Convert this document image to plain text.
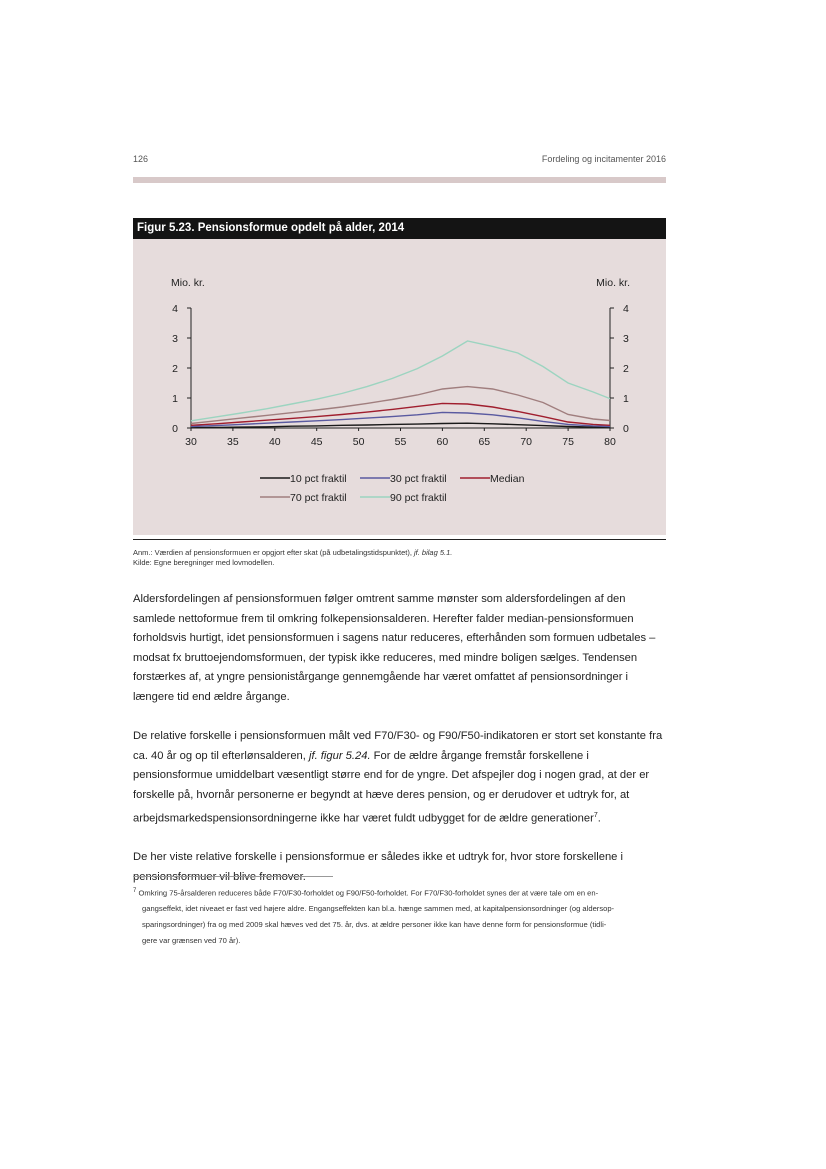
126	Fordeling og incitamenter 2016
Figur 5.23. Pensionsformue opdelt på alder, 2014
Mio. kr.	Mio. kr.
0	0
1	1
2	2
3	3
4	4
30	35	40	45	50	55	60	65	70	75	80
10 pct fraktil	30 pct fraktil	Median
70 pct fraktil	90 pct fraktil
Anm.: Værdien af pensionsformuen er opgjort efter skat (på udbetalingstidspunktet), jf. bilag 5.1.
Kilde: Egne beregninger med lovmodellen.

Aldersfordelingen af pensionsformuen følger omtrent samme mønster som aldersfordelingen af den samlede nettoformue frem til omkring folkepensionsalderen. Herefter falder median-pensionsformuen forholdsvis hurtigt, idet pensionsformuen i sagens natur reduceres, efterhånden som formuen udbetales – modsat fx bruttoejendomsformuen, der typisk ikke reduceres, med mindre boligen sælges. Tendensen forstærkes af, at yngre pensionistårgange gennemgående har været omfattet af pensionsordninger i længere tid end ældre årgange.

De relative forskelle i pensionsformuen målt ved F70/F30- og F90/F50-indikatoren er stort set konstante fra ca. 40 år og op til efterlønsalderen, jf. figur 5.24. For de ældre årgange fremstår forskellene i pensionsformue umiddelbart væsentligt større end for de yngre. Det afspejler dog i nogen grad, at der er forskelle på, hvornår personerne er begyndt at hæve deres pension, og er derudover et udtryk for, at arbejdsmarkedspensionsordningerne ikke har været fuldt udbygget for de ældre generationer$^7$.

De her viste relative forskelle i pensionsformue er således ikke et udtryk for, hvor store forskellene i pensionsformuer vil blive fremover.

$^7$ Omkring 75-årsalderen reduceres både F70/F30-forholdet og F90/F50-forholdet. For F70/F30-forholdet synes der at være tale om en en-
gangseffekt, idet niveaet er fast ved højere aldre. Engangseffekten kan bl.a. hænge sammen med, at kapitalpensionsordninger (og aldersop-
sparingsordninger) fra og med 2009 skal hæves ved det 75. år, dvs. at ældre personer ikke kan have denne form for pensionsformue (tidli-
gere var grænsen ved 70 år).
